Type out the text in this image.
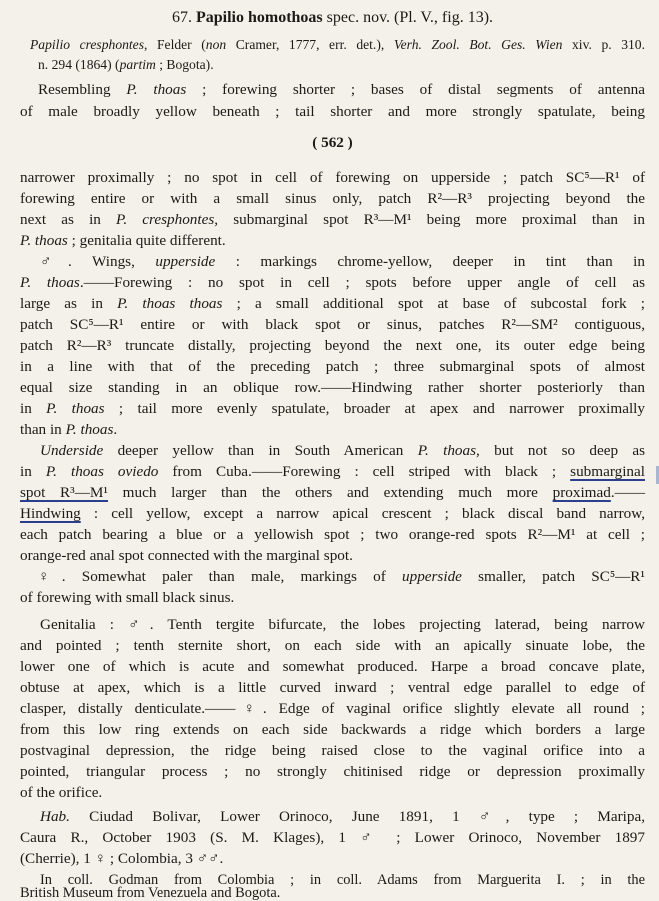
67. Papilio homothoas spec. nov. (Pl. V., fig. 13).
Papilio cresphontes, Felder (non Cramer, 1777, err. det.), Verh. Zool. Bot. Ges. Wien xiv. p. 310.
n. 294 (1864) (partim ; Bogota).
Resembling P. thoas ; forewing shorter ; bases of distal segments of antenna
of male broadly yellow beneath ; tail shorter and more strongly spatulate, being
( 562 )
narrower proximally ; no spot in cell of forewing on upperside ; patch SC⁵—R¹ of
forewing entire or with a small sinus only, patch R²—R³ projecting beyond the
next as in P. cresphontes, submarginal spot R³—M¹ being more proximal than in
P. thoas ; genitalia quite different.
♂. Wings, upperside : markings chrome-yellow, deeper in tint than in
P. thoas.——Forewing : no spot in cell ; spots before upper angle of cell as
large as in P. thoas thoas ; a small additional spot at base of subcostal fork ;
patch SC⁵—R¹ entire or with black spot or sinus, patches R²—SM² contiguous,
patch R²—R³ truncate distally, projecting beyond the next one, its outer edge being
in a line with that of the preceding patch ; three submarginal spots of almost
equal size standing in an oblique row.——Hindwing rather shorter posteriorly than
in P. thoas ; tail more evenly spatulate, broader at apex and narrower proximally
than in P. thoas.
Underside deeper yellow than in South American P. thoas, but not so deep as
in P. thoas oviedo from Cuba.——Forewing : cell striped with black ; submarginal
spot R³—M¹ much larger than the others and extending much more proximad.——
Hindwing : cell yellow, except a narrow apical crescent ; black discal band narrow,
each patch bearing a blue or a yellowish spot ; two orange-red spots R²—M¹ at cell ;
orange-red anal spot connected with the marginal spot.
♀. Somewhat paler than male, markings of upperside smaller, patch SC⁵—R¹
of forewing with small black sinus.
Genitalia : ♂. Tenth tergite bifurcate, the lobes projecting laterad, being narrow
and pointed ; tenth sternite short, on each side with an apically sinuate lobe, the
lower one of which is acute and somewhat produced. Harpe a broad concave plate,
obtuse at apex, which is a little curved inward ; ventral edge parallel to edge of
clasper, distally denticulate.——♀. Edge of vaginal orifice slightly elevate all round ;
from this low ring extends on each side backwards a ridge which borders a large
postvaginal depression, the ridge being raised close to the vaginal orifice into a
pointed, triangular process ; no strongly chitinised ridge or depression proximally
of the orifice.
Hab. Ciudad Bolivar, Lower Orinoco, June 1891, 1 ♂, type ; Maripa,
Caura R., October 1903 (S. M. Klages), 1 ♂ ; Lower Orinoco, November 1897
(Cherrie), 1 ♀ ; Colombia, 3 ♂♂.
In coll. Godman from Colombia ; in coll. Adams from Marguerita I. ; in the
British Museum from Venezuela and Bogota.
